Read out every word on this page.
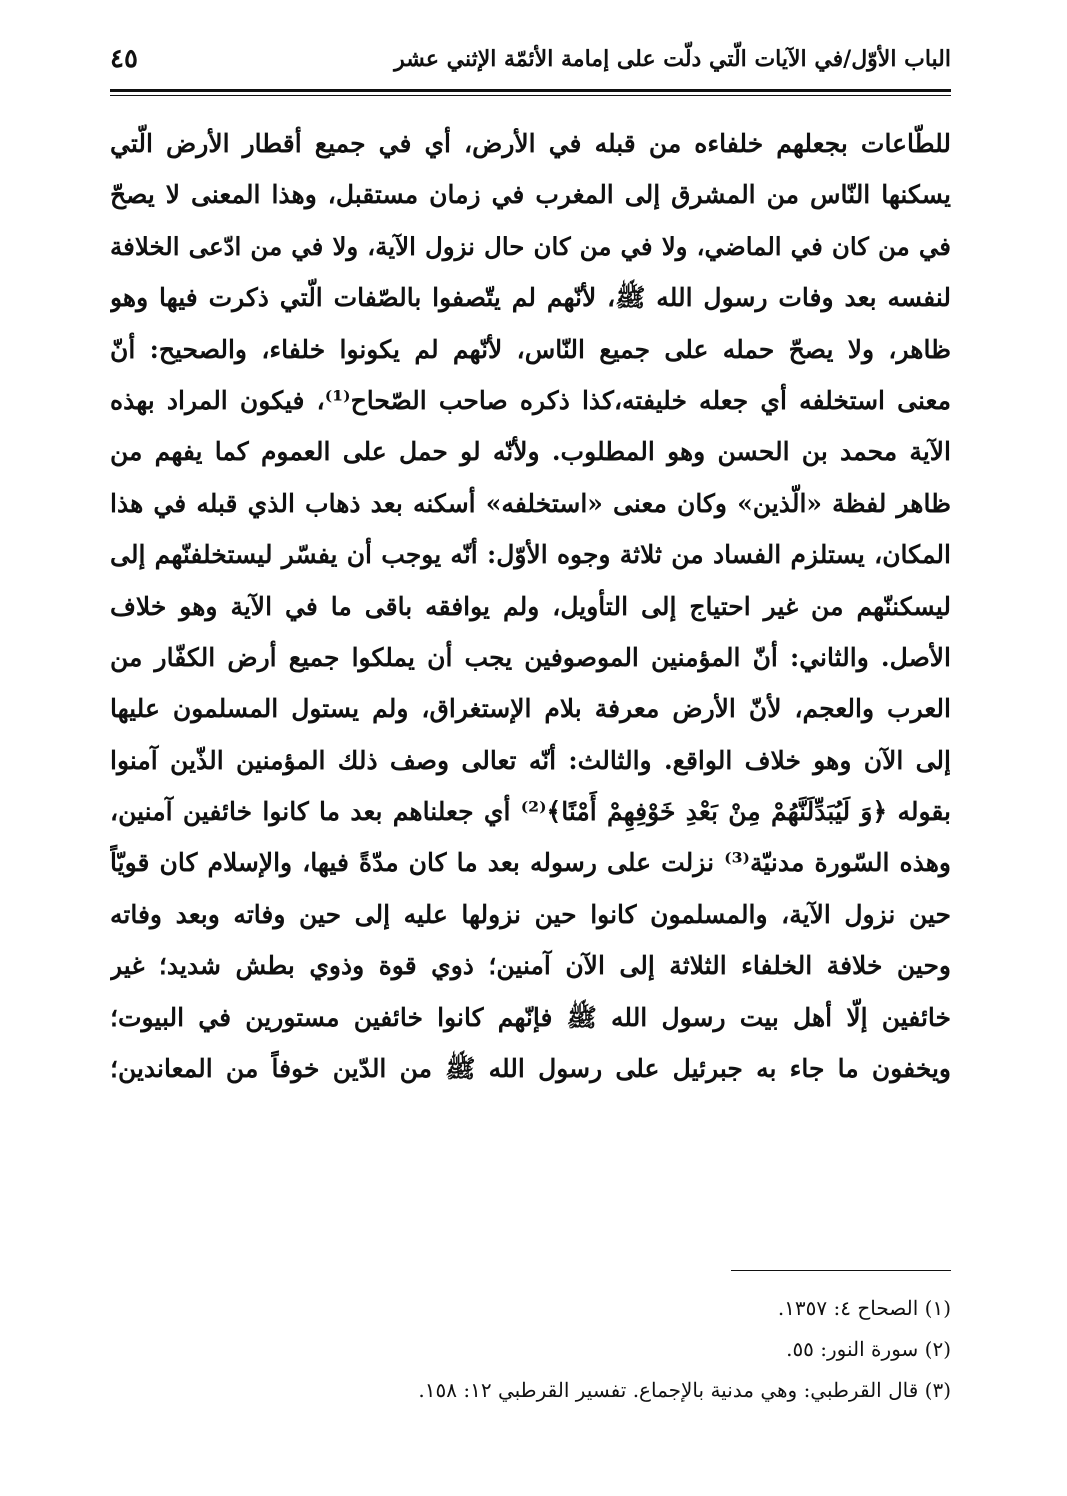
الباب الأوّل/في الآيات الّتي دلّت على إمامة الأئمّة الإثني عشر
٤٥
للطّاعات بجعلهم خلفاءه من قبله في الأرض، أي في جميع أقطار الأرض الّتي
يسكنها النّاس من المشرق إلى المغرب في زمان مستقبل، وهذا المعنى لا يصحّ
في من كان في الماضي، ولا في من كان حال نزول الآية، ولا في من ادّعى الخلافة
لنفسه بعد وفات رسول الله ﷺ، لأنّهم لم يتّصفوا بالصّفات الّتي ذكرت فيها وهو
ظاهر، ولا يصحّ حمله على جميع النّاس، لأنّهم لم يكونوا خلفاء، والصحيح: أنّ
معنى استخلفه أي جعله خليفته،كذا ذكره صاحب الصّحاح⁽¹⁾، فيكون المراد بهذه
الآية محمد بن الحسن وهو المطلوب. ولأنّه لو حمل على العموم كما يفهم من
ظاهر لفظة «الّذين» وكان معنى «استخلفه» أسكنه بعد ذهاب الذي قبله في هذا
المكان، يستلزم الفساد من ثلاثة وجوه الأوّل: أنّه يوجب أن يفسّر ليستخلفنّهم إلى
ليسكننّهم من غير احتياج إلى التأويل، ولم يوافقه باقى ما في الآية وهو خلاف
الأصل. والثاني: أنّ المؤمنين الموصوفين يجب أن يملكوا جميع أرض الكفّار من
العرب والعجم، لأنّ الأرض معرفة بلام الإستغراق، ولم يستول المسلمون عليها
إلى الآن وهو خلاف الواقع. والثالث: أنّه تعالى وصف ذلك المؤمنين الذّين آمنوا
بقوله ﴿وَ لَيُبَدِّلَنَّهُمْ مِنْ بَعْدِ خَوْفِهِمْ أَمْنًا﴾⁽²⁾ أي جعلناهم بعد ما كانوا خائفين آمنين،
وهذه السّورة مدنيّة⁽³⁾ نزلت على رسوله بعد ما كان مدّةً فيها، والإسلام كان قويّاً
حين نزول الآية، والمسلمون كانوا حين نزولها عليه إلى حين وفاته وبعد وفاته
وحين خلافة الخلفاء الثلاثة إلى الآن آمنين؛ ذوي قوة وذوي بطش شديد؛ غير
خائفين إلّا أهل بيت رسول الله ﷺ فإنّهم كانوا خائفين مستورين في البيوت؛
ويخفون ما جاء به جبرئيل على رسول الله ﷺ من الدّين خوفاً من المعاندين؛
(١) الصحاح ٤: ١٣٥٧.
(٢) سورة النور: ٥٥.
(٣) قال القرطبي: وهي مدنية بالإجماع. تفسير القرطبي ١٢: ١٥٨.
